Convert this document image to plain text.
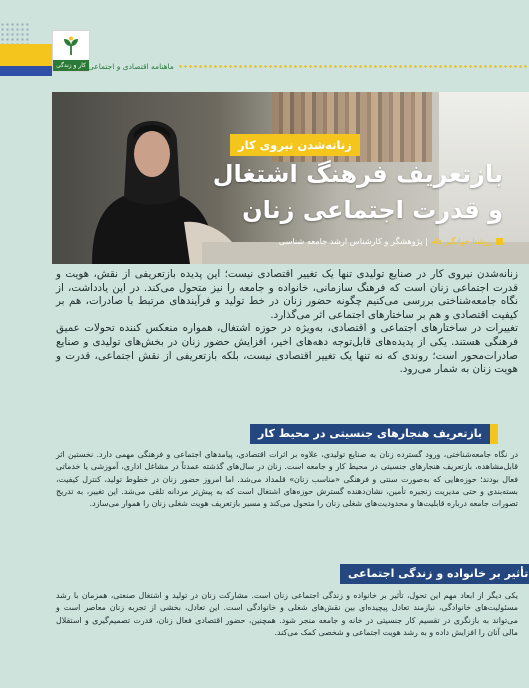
کار و زندگی ماهنامه اقتصادی و اجتماعی
زنانه‌شدن نیروی کار
بازتعریف فرهنگ اشتغال
و قدرت اجتماعی زنان
روشنا جهانگیر فام | پژوهشگر و کارشناس ارشد جامعه شناسی

زنانه‌شدن نیروی کار در صنایع تولیدی تنها یک تغییر اقتصادی نیست؛ این پدیده بازتعریفی از نقش، هویت و قدرت اجتماعی زنان است که فرهنگ سازمانی، خانواده و جامعه را نیز متحول می‌کند. در این یادداشت، از نگاه جامعه‌شناختی بررسی می‌کنیم چگونه حضور زنان در خط تولید و فرآیندهای مرتبط با صادرات، هم بر کیفیت اقتصادی و هم بر ساختارهای اجتماعی اثر می‌گذارد.

تغییرات در ساختارهای اجتماعی و اقتصادی، به‌ویژه در حوزه اشتغال، همواره منعکس کننده تحولات عمیق فرهنگی هستند. یکی از پدیده‌های قابل‌توجه دهه‌های اخیر، افزایش حضور زنان در بخش‌های تولیدی و صنایع صادرات‌محور است؛ روندی که نه تنها یک تغییر اقتصادی نیست، بلکه بازتعریفی از نقش اجتماعی، قدرت و هویت زنان به شمار می‌رود.

بازتعریف هنجارهای جنسیتی در محیط کار
در نگاه جامعه‌شناختی، ورود گسترده زنان به صنایع تولیدی، علاوه بر اثرات اقتصادی، پیامدهای اجتماعی و فرهنگی مهمی دارد. نخستین اثر قابل‌مشاهده، بازتعریف هنجارهای جنسیتی در محیط کار و جامعه است. زنان در سال‌های گذشته عمدتاً در مشاغل اداری، آموزشی یا خدماتی فعال بودند؛ حوزه‌هایی که به‌صورت سنتی و فرهنگی «مناسب زنان» قلمداد می‌شد. اما امروز حضور زنان در خطوط تولید، کنترل کیفیت، بسته‌بندی و حتی مدیریت زنجیره تأمین، نشان‌دهنده گسترش حوزه‌های اشتغال است که به پیش‌تر مردانه تلقی می‌شد. این تغییر، به تدریج تصورات جامعه درباره قابلیت‌ها و محدودیت‌های شغلی زنان را متحول می‌کند و مسیر بازتعریف هویت شغلی زنان را هموار می‌سازد.
تأثیر بر خانواده و زندگی اجتماعی
یکی دیگر از ابعاد مهم این تحول، تأثیر بر خانواده و زندگی اجتماعی زنان است. مشارکت زنان در تولید و اشتغال صنعتی، همزمان با رشد مسئولیت‌های خانوادگی، نیازمند تعادل پیچیده‌ای بین نقش‌های شغلی و خانوادگی است. این تعادل، بخشی از تجربه زنان معاصر است و می‌تواند به بازنگری در تقسیم کار جنسیتی در خانه و جامعه منجر شود. همچنین، حضور اقتصادی فعال زنان، قدرت تصمیم‌گیری و استقلال مالی آنان را افزایش داده و به رشد هویت اجتماعی و شخصی کمک می‌کند.
